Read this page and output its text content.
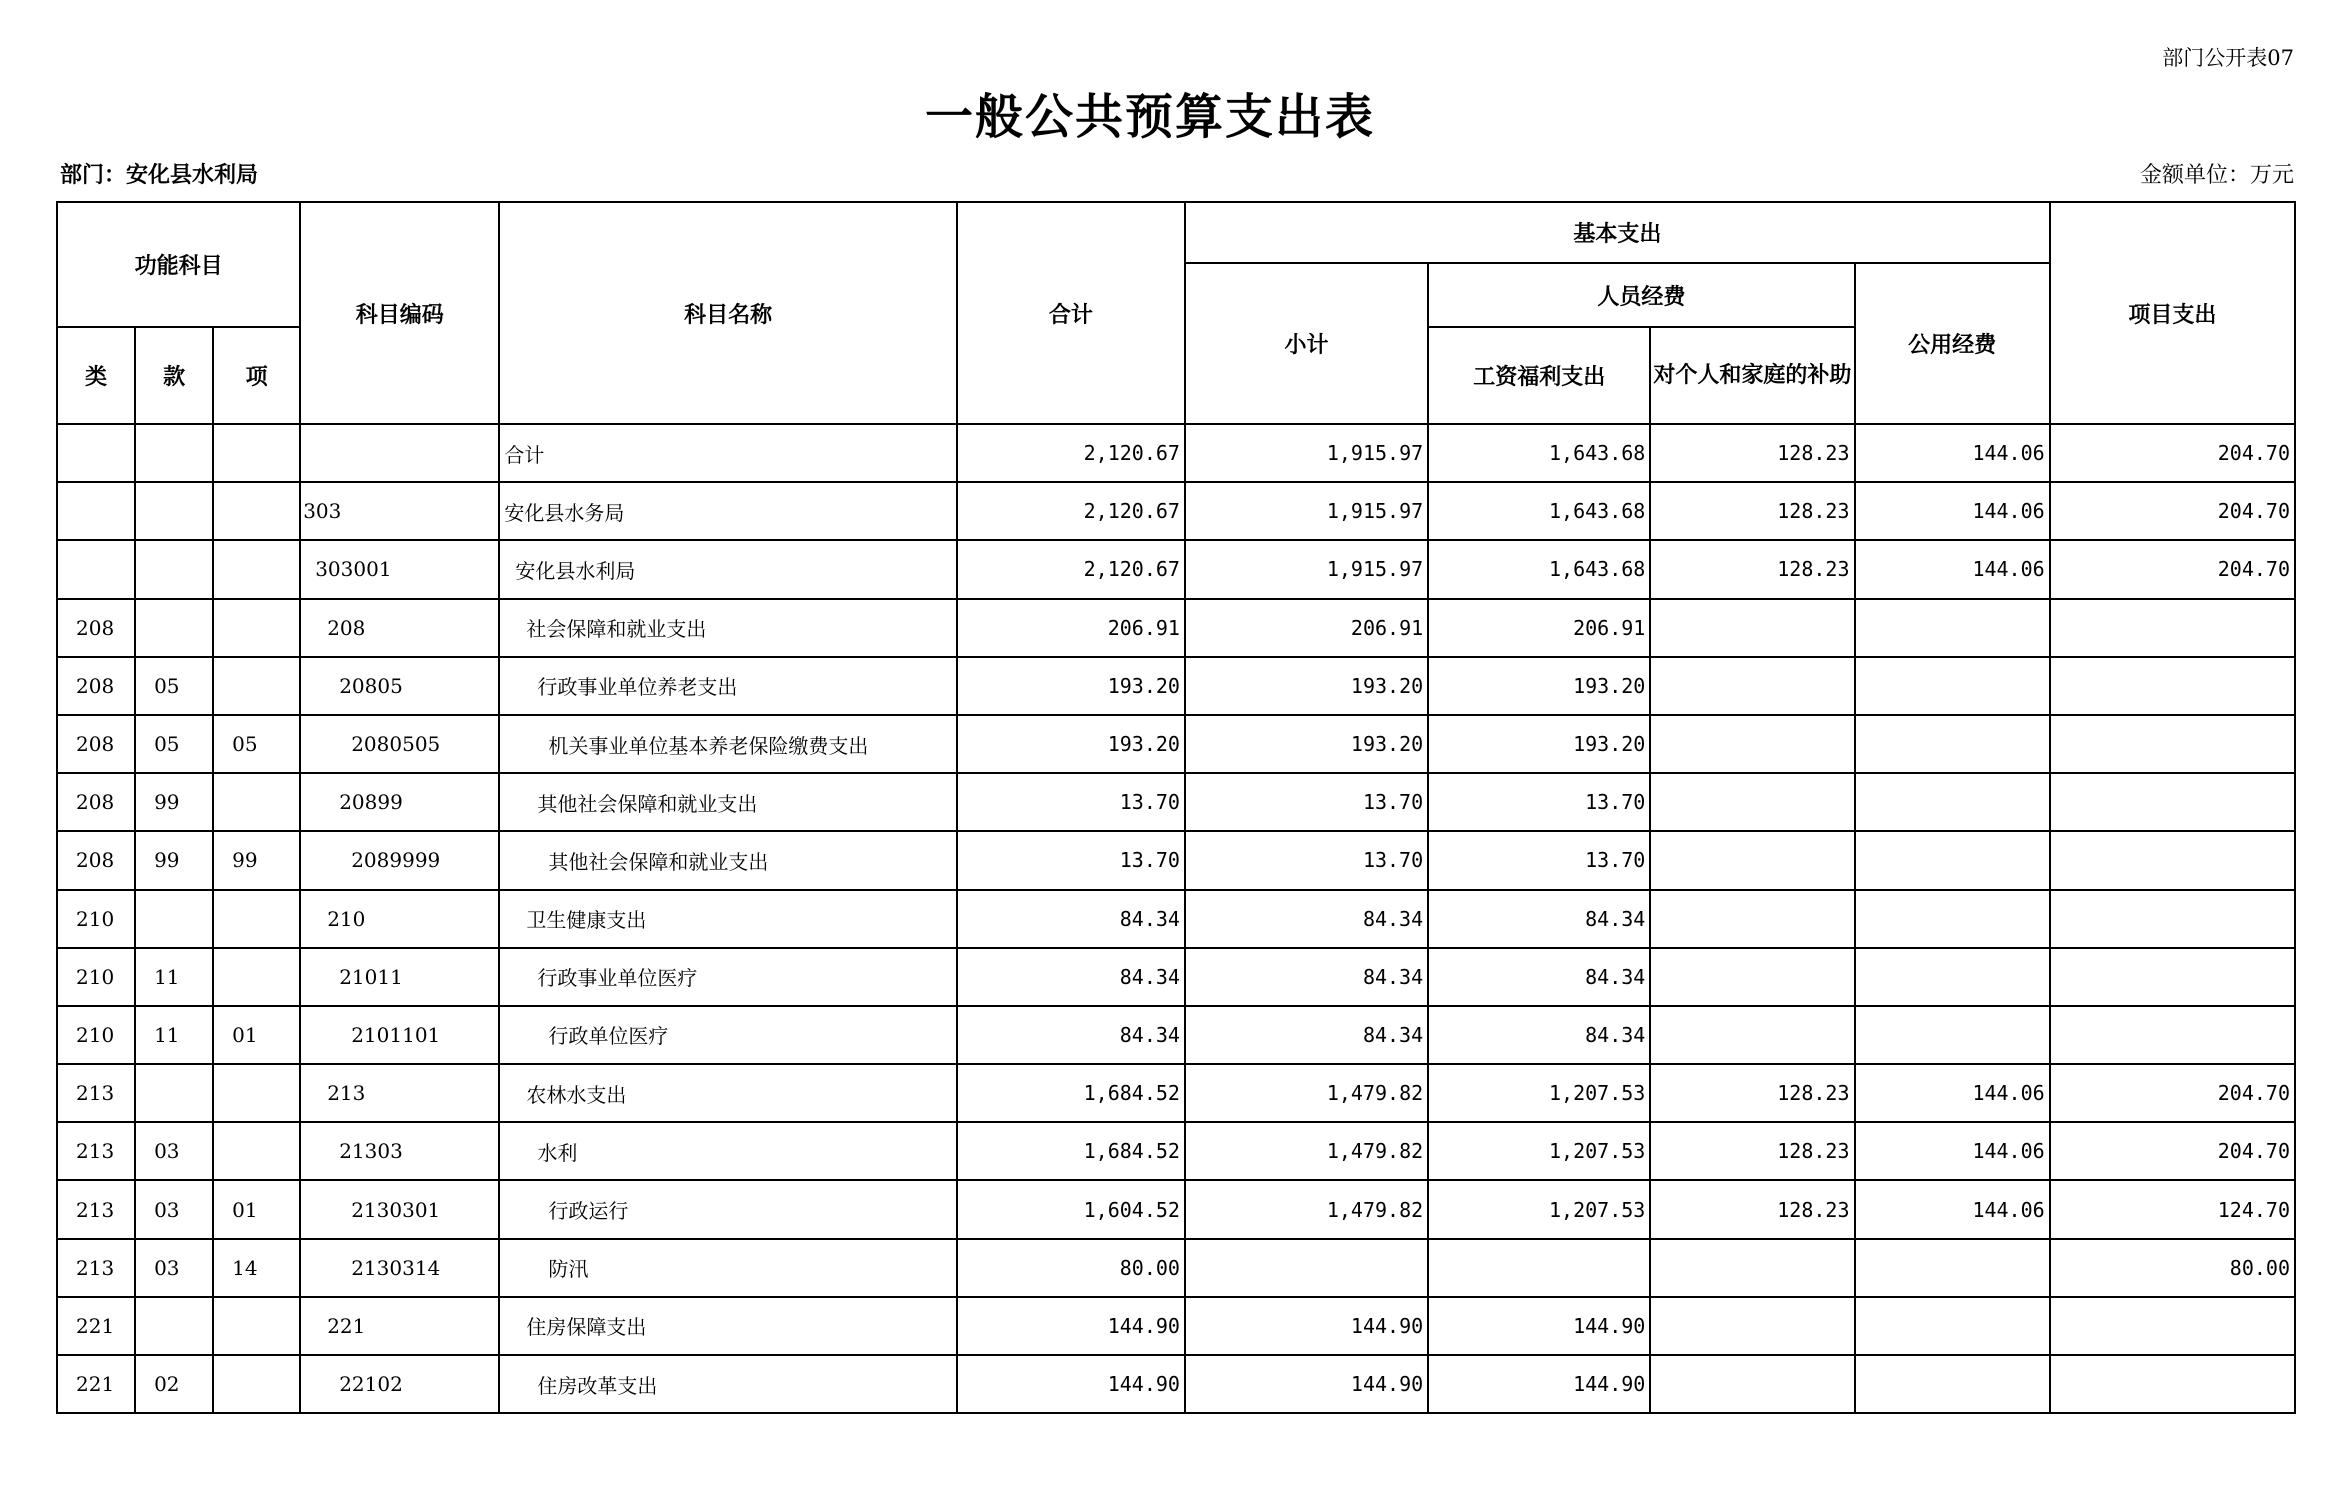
部门公开表07
一般公共预算支出表
部门：安化县水利局	金额单位：万元
功能科目			科目编码	科目名称	合计	基本支出				项目支出
						小计	人员经费		公用经费	
类	款	项					工资福利支出	对个人和家庭的补助		
				合计	2,120.67	1,915.97	1,643.68	128.23	144.06	204.70
			303	安化县水务局	2,120.67	1,915.97	1,643.68	128.23	144.06	204.70
			303001	安化县水利局	2,120.67	1,915.97	1,643.68	128.23	144.06	204.70
208			208	社会保障和就业支出	206.91	206.91	206.91			
208	05		20805	行政事业单位养老支出	193.20	193.20	193.20			
208	05	05	2080505	机关事业单位基本养老保险缴费支出	193.20	193.20	193.20			
208	99		20899	其他社会保障和就业支出	13.70	13.70	13.70			
208	99	99	2089999	其他社会保障和就业支出	13.70	13.70	13.70			
210			210	卫生健康支出	84.34	84.34	84.34			
210	11		21011	行政事业单位医疗	84.34	84.34	84.34			
210	11	01	2101101	行政单位医疗	84.34	84.34	84.34			
213			213	农林水支出	1,684.52	1,479.82	1,207.53	128.23	144.06	204.70
213	03		21303	水利	1,684.52	1,479.82	1,207.53	128.23	144.06	204.70
213	03	01	2130301	行政运行	1,604.52	1,479.82	1,207.53	128.23	144.06	124.70
213	03	14	2130314	防汛	80.00					80.00
221			221	住房保障支出	144.90	144.90	144.90			
221	02		22102	住房改革支出	144.90	144.90	144.90			
